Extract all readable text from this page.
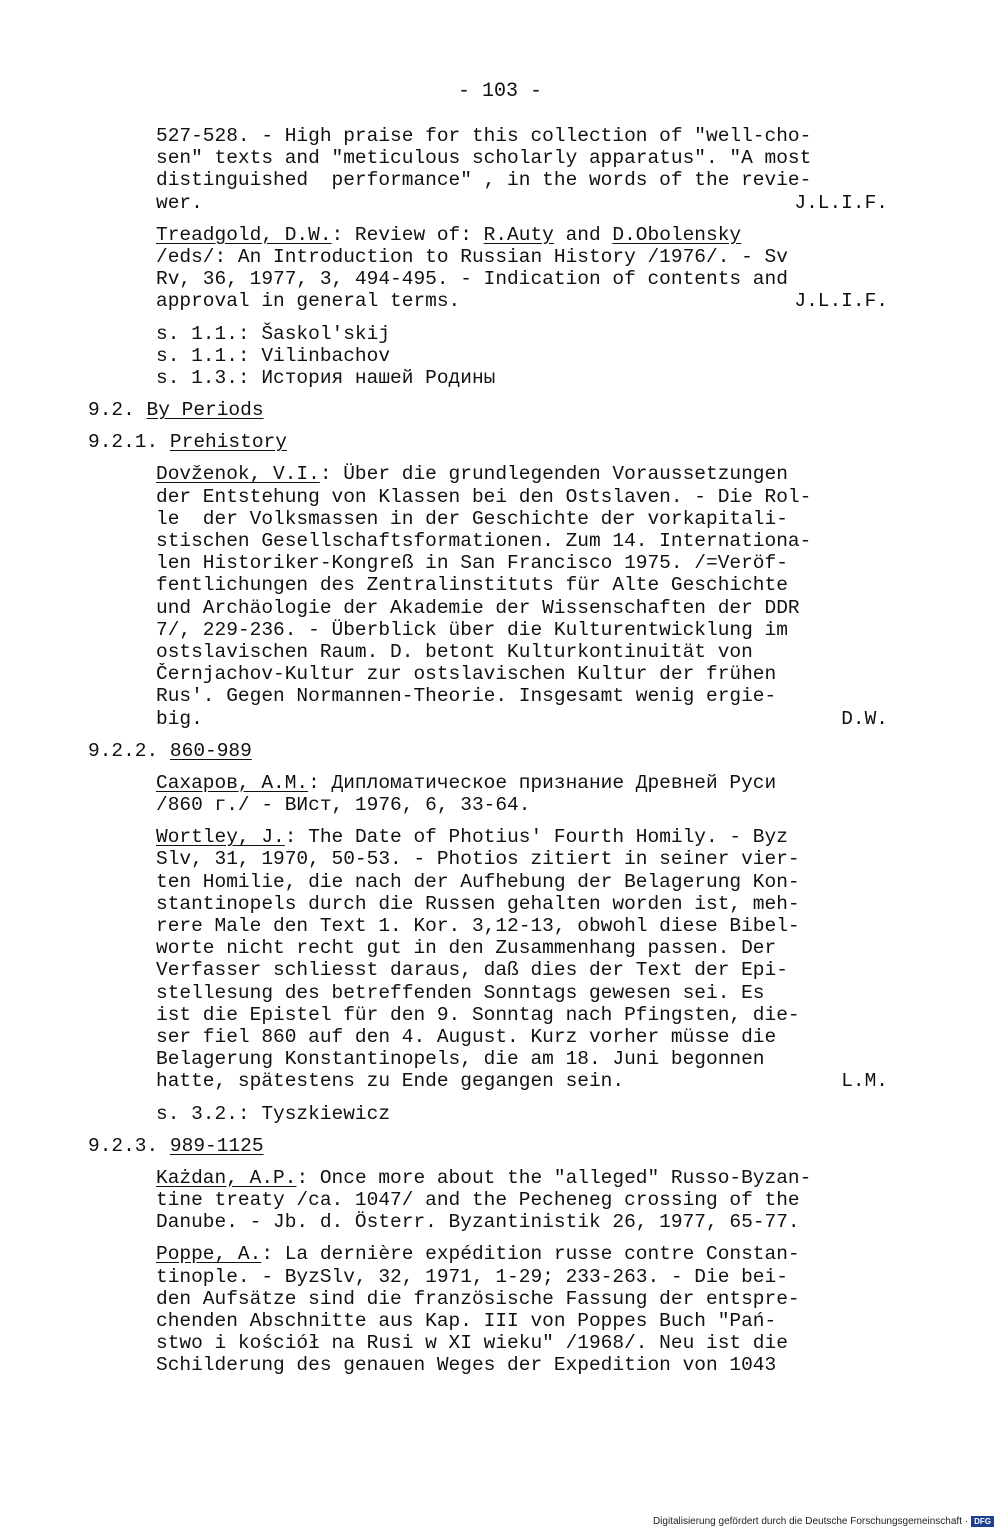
- 103 -
527-528. - High praise for this collection of "well-cho-
sen" texts and "meticulous scholarly apparatus". "A most
distinguished  performance" , in the words of the revie-
wer.	J.L.I.F.
Treadgold, D.W.: Review of: R.Auty and D.Obolensky
/eds/: An Introduction to Russian History /1976/. - Sv
Rv, 36, 1977, 3, 494-495. - Indication of contents and
approval in general terms.	J.L.I.F.
s. 1.1.: Šaskol'skij
s. 1.1.: Vilinbachov
s. 1.3.: История нашей Родины
9.2. By Periods
9.2.1. Prehistory
Dovženok, V.I.: Über die grundlegenden Voraussetzungen
der Entstehung von Klassen bei den Ostslaven. - Die Rol-
le  der Volksmassen in der Geschichte der vorkapitali-
stischen Gesellschaftsformationen. Zum 14. Internationa-
len Historiker-Kongreß in San Francisco 1975. /=Veröf-
fentlichungen des Zentralinstituts für Alte Geschichte
und Archäologie der Akademie der Wissenschaften der DDR
7/, 229-236. - Überblick über die Kulturentwicklung im
ostslavischen Raum. D. betont Kulturkontinuität von
Černjachov-Kultur zur ostslavischen Kultur der frühen
Rus'. Gegen Normannen-Theorie. Insgesamt wenig ergie-
big.	D.W.
9.2.2. 860-989
Сахаров, А.М.: Дипломатическое признание Древней Руси
/860 г./ - ВИст, 1976, 6, 33-64.
Wortley, J.: The Date of Photius' Fourth Homily. - Byz
Slv, 31, 1970, 50-53. - Photios zitiert in seiner vier-
ten Homilie, die nach der Aufhebung der Belagerung Kon-
stantinopels durch die Russen gehalten worden ist, meh-
rere Male den Text 1. Kor. 3,12-13, obwohl diese Bibel-
worte nicht recht gut in den Zusammenhang passen. Der
Verfasser schliesst daraus, daß dies der Text der Epi-
stellesung des betreffenden Sonntags gewesen sei. Es
ist die Epistel für den 9. Sonntag nach Pfingsten, die-
ser fiel 860 auf den 4. August. Kurz vorher müsse die
Belagerung Konstantinopels, die am 18. Juni begonnen
hatte, spätestens zu Ende gegangen sein.	L.M.
s. 3.2.: Tyszkiewicz
9.2.3. 989-1125
Każdan, A.P.: Once more about the "alleged" Russo-Byzan-
tine treaty /ca. 1047/ and the Pecheneg crossing of the
Danube. - Jb. d. Österr. Byzantinistik 26, 1977, 65-77.
Poppe, A.: La dernière expédition russe contre Constan-
tinople. - ByzSlv, 32, 1971, 1-29; 233-263. - Die bei-
den Aufsätze sind die französische Fassung der entspre-
chenden Abschnitte aus Kap. III von Poppes Buch "Pań-
stwo i kościół na Rusi w XI wieku" /1968/. Neu ist die
Schilderung des genauen Weges der Expedition von 1043
Digitalisierung gefördert durch die Deutsche Forschungsgemeinschaft · DFG
